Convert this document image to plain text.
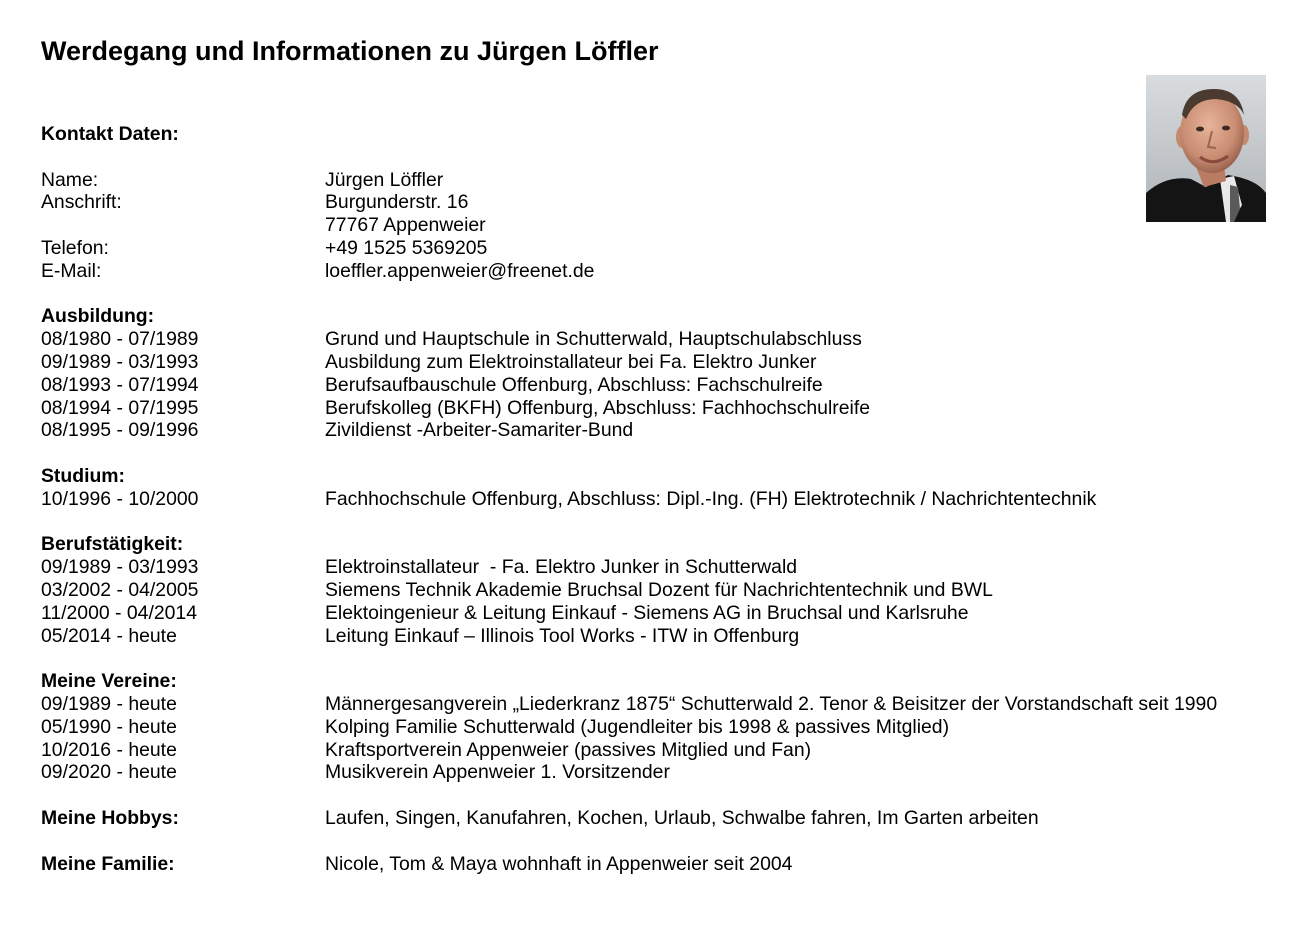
Werdegang und Informationen zu Jürgen Löffler
Kontakt Daten:
Name:	Jürgen Löffler
Anschrift:	Burgunderstr. 16
77767 Appenweier
Telefon:	+49 1525 5369205
E-Mail:	loeffler.appenweier@freenet.de
Ausbildung:
08/1980 - 07/1989	Grund und Hauptschule in Schutterwald, Hauptschulabschluss
09/1989 - 03/1993	Ausbildung zum Elektroinstallateur bei Fa. Elektro Junker
08/1993 - 07/1994	Berufsaufbauschule Offenburg, Abschluss: Fachschulreife
08/1994 - 07/1995	Berufskolleg (BKFH) Offenburg, Abschluss: Fachhochschulreife
08/1995 - 09/1996	Zivildienst -Arbeiter-Samariter-Bund
Studium:
10/1996 - 10/2000	Fachhochschule Offenburg, Abschluss: Dipl.-Ing. (FH) Elektrotechnik / Nachrichtentechnik
Berufstätigkeit:
09/1989 - 03/1993	Elektroinstallateur  - Fa. Elektro Junker in Schutterwald
03/2002 - 04/2005	Siemens Technik Akademie Bruchsal Dozent für Nachrichtentechnik und BWL
11/2000 - 04/2014	Elektoingenieur & Leitung Einkauf - Siemens AG in Bruchsal und Karlsruhe
05/2014 - heute	Leitung Einkauf – Illinois Tool Works - ITW in Offenburg
Meine Vereine:
09/1989 - heute	Männergesangverein „Liederkranz 1875“ Schutterwald 2. Tenor & Beisitzer der Vorstandschaft seit 1990
05/1990 - heute	Kolping Familie Schutterwald (Jugendleiter bis 1998 & passives Mitglied)
10/2016 - heute	Kraftsportverein Appenweier (passives Mitglied und Fan)
09/2020 - heute	Musikverein Appenweier 1. Vorsitzender
Meine Hobbys:	Laufen, Singen, Kanufahren, Kochen, Urlaub, Schwalbe fahren, Im Garten arbeiten
Meine Familie:	Nicole, Tom & Maya wohnhaft in Appenweier seit 2004
